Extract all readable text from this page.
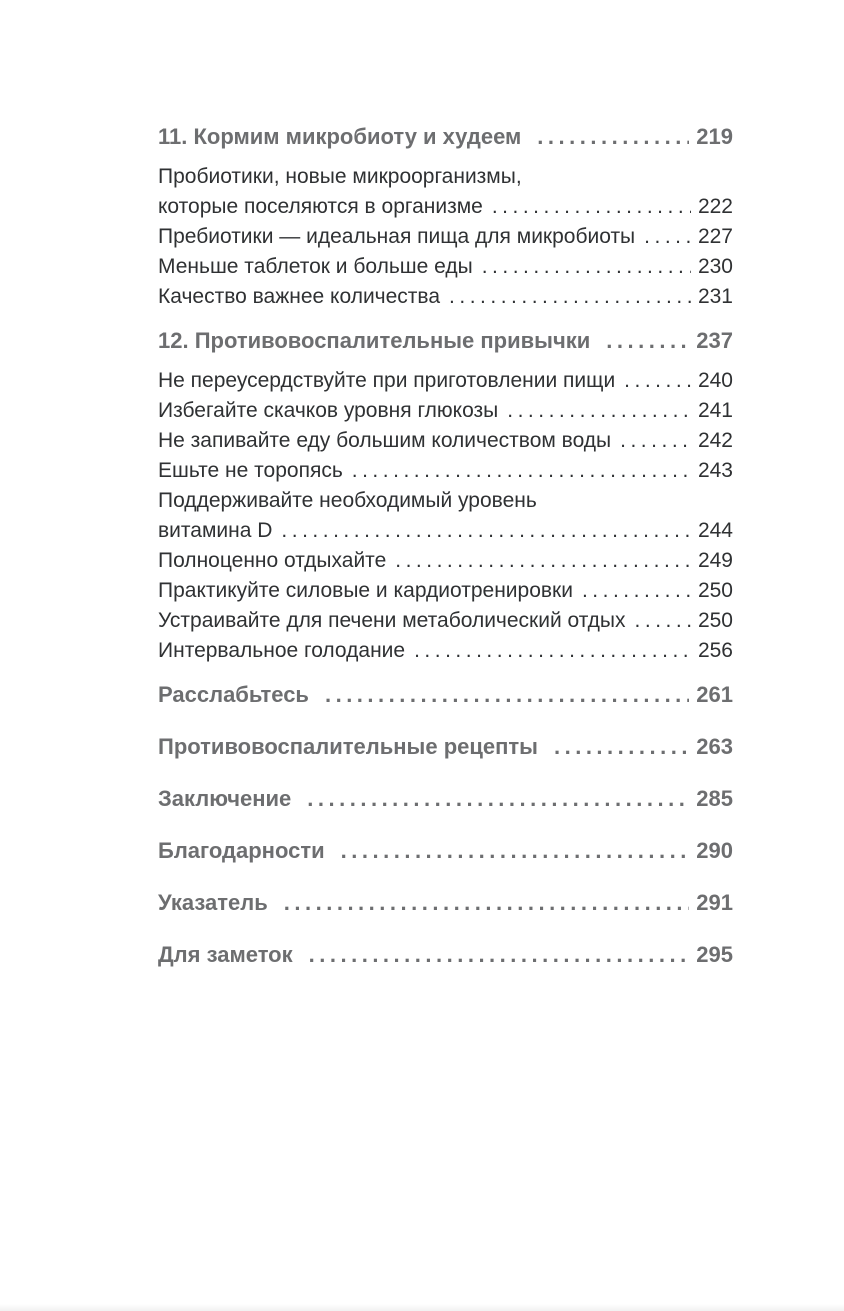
11. Кормим микробиоту и худеем .....	219
Пробиотики, новые микроорганизмы,
которые поселяются в организме .....	222
Пребиотики — идеальная пища для микробиоты .....	227
Меньше таблеток и больше еды .....	230
Качество важнее количества .....	231
12. Противовоспалительные привычки .....	237
Не переусердствуйте при приготовлении пищи .....	240
Избегайте скачков уровня глюкозы .....	241
Не запивайте еду большим количеством воды .....	242
Ешьте не торопясь .....	243
Поддерживайте необходимый уровень
витамина D .....	244
Полноценно отдыхайте .....	249
Практикуйте силовые и кардиотренировки .....	250
Устраивайте для печени метаболический отдых .....	250
Интервальное голодание .....	256
Расслабьтесь .....	261
Противовоспалительные рецепты .....	263
Заключение .....	285
Благодарности .....	290
Указатель .....	291
Для заметок .....	295
